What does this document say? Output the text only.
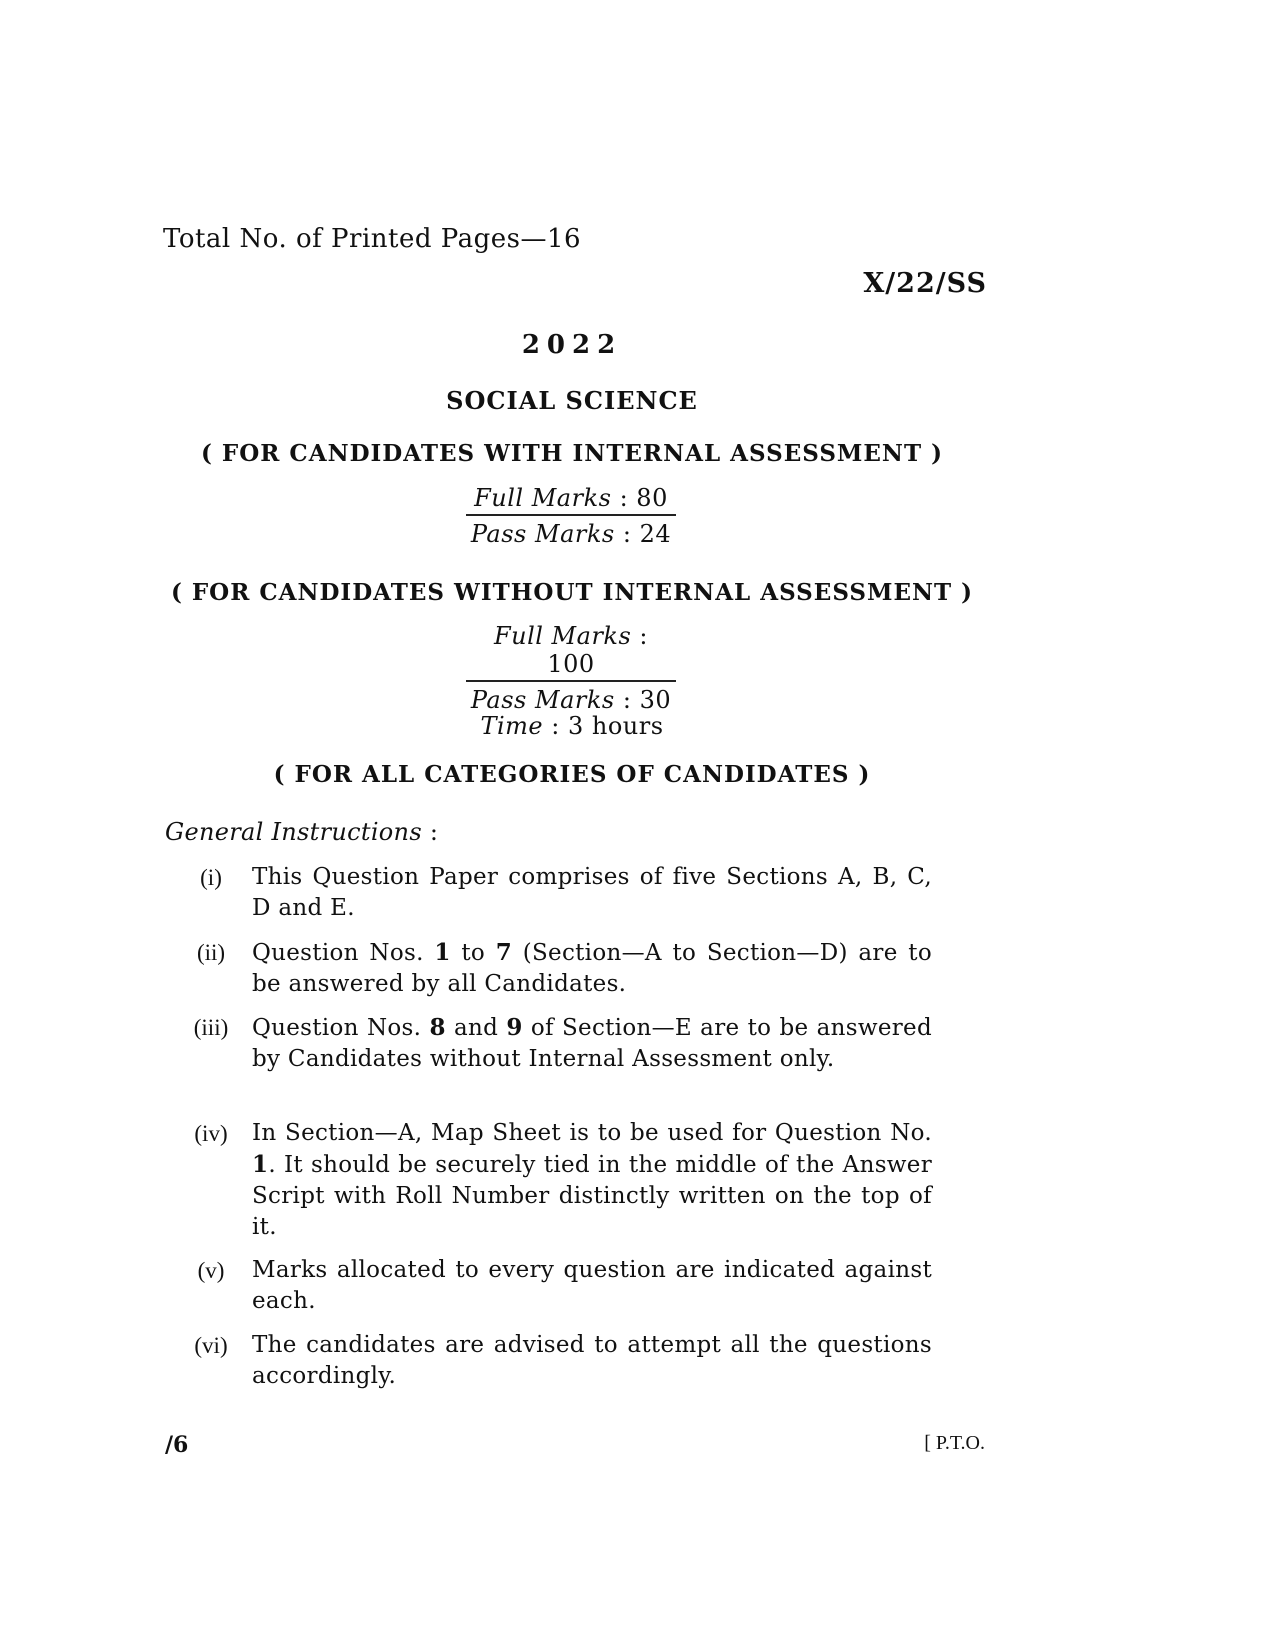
Total No. of Printed Pages—16
X/22/SS
2022
SOCIAL SCIENCE
( FOR CANDIDATES WITH INTERNAL ASSESSMENT )
Full Marks : 80
Pass Marks : 24
( FOR CANDIDATES WITHOUT INTERNAL ASSESSMENT )
Full Marks : 100
Pass Marks : 30
Time : 3 hours
( FOR ALL CATEGORIES OF CANDIDATES )
General Instructions :
(i)	This Question Paper comprises of five Sections A, B, C, D and E.
(ii)	Question Nos. 1 to 7 (Section—A to Section—D) are to be answered by all Candidates.
(iii)	Question Nos. 8 and 9 of Section—E are to be answered by Candidates without Internal Assessment only.
(iv)	In Section—A, Map Sheet is to be used for Question No. 1. It should be securely tied in the middle of the Answer Script with Roll Number distinctly written on the top of it.
(v)	Marks allocated to every question are indicated against each.
(vi)	The candidates are advised to attempt all the questions accordingly.
/6	[ P.T.O.
